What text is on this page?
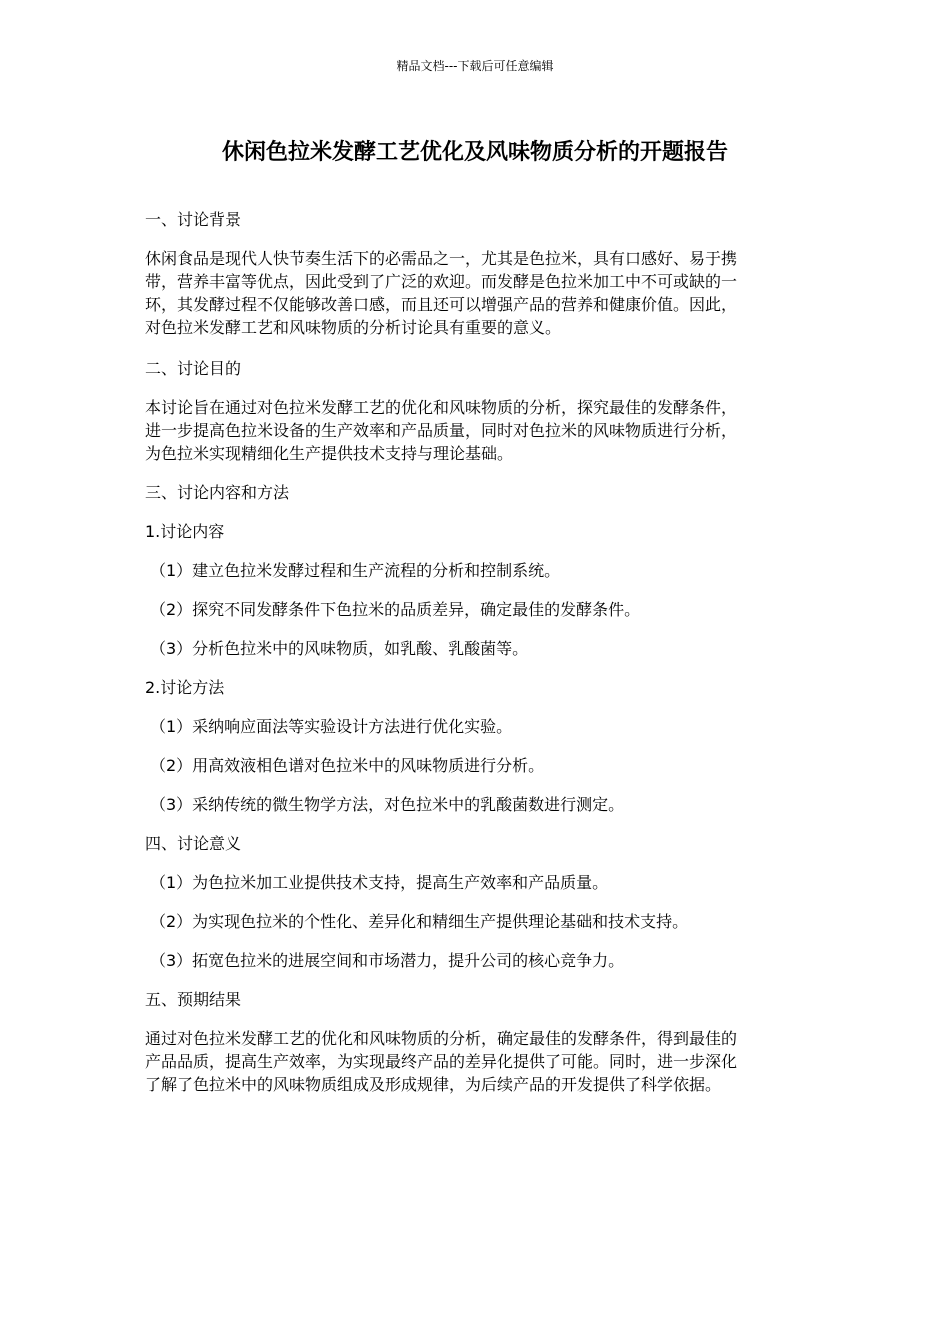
精品文档---下载后可任意编辑
休闲色拉米发酵工艺优化及风味物质分析的开题报告

一、讨论背景

休闲食品是现代人快节奏生活下的必需品之一，尤其是色拉米，具有口感好、易于携
带，营养丰富等优点，因此受到了广泛的欢迎。而发酵是色拉米加工中不可或缺的一
环，其发酵过程不仅能够改善口感，而且还可以增强产品的营养和健康价值。因此，
对色拉米发酵工艺和风味物质的分析讨论具有重要的意义。

二、讨论目的

本讨论旨在通过对色拉米发酵工艺的优化和风味物质的分析，探究最佳的发酵条件，
进一步提高色拉米设备的生产效率和产品质量，同时对色拉米的风味物质进行分析，
为色拉米实现精细化生产提供技术支持与理论基础。

三、讨论内容和方法

1.讨论内容

（1）建立色拉米发酵过程和生产流程的分析和控制系统。

（2）探究不同发酵条件下色拉米的品质差异，确定最佳的发酵条件。

（3）分析色拉米中的风味物质，如乳酸、乳酸菌等。

2.讨论方法

（1）采纳响应面法等实验设计方法进行优化实验。

（2）用高效液相色谱对色拉米中的风味物质进行分析。

（3）采纳传统的微生物学方法，对色拉米中的乳酸菌数进行测定。

四、讨论意义

（1）为色拉米加工业提供技术支持，提高生产效率和产品质量。

（2）为实现色拉米的个性化、差异化和精细生产提供理论基础和技术支持。

（3）拓宽色拉米的进展空间和市场潜力，提升公司的核心竞争力。

五、预期结果

通过对色拉米发酵工艺的优化和风味物质的分析，确定最佳的发酵条件，得到最佳的
产品品质，提高生产效率，为实现最终产品的差异化提供了可能。同时，进一步深化
了解了色拉米中的风味物质组成及形成规律，为后续产品的开发提供了科学依据。
